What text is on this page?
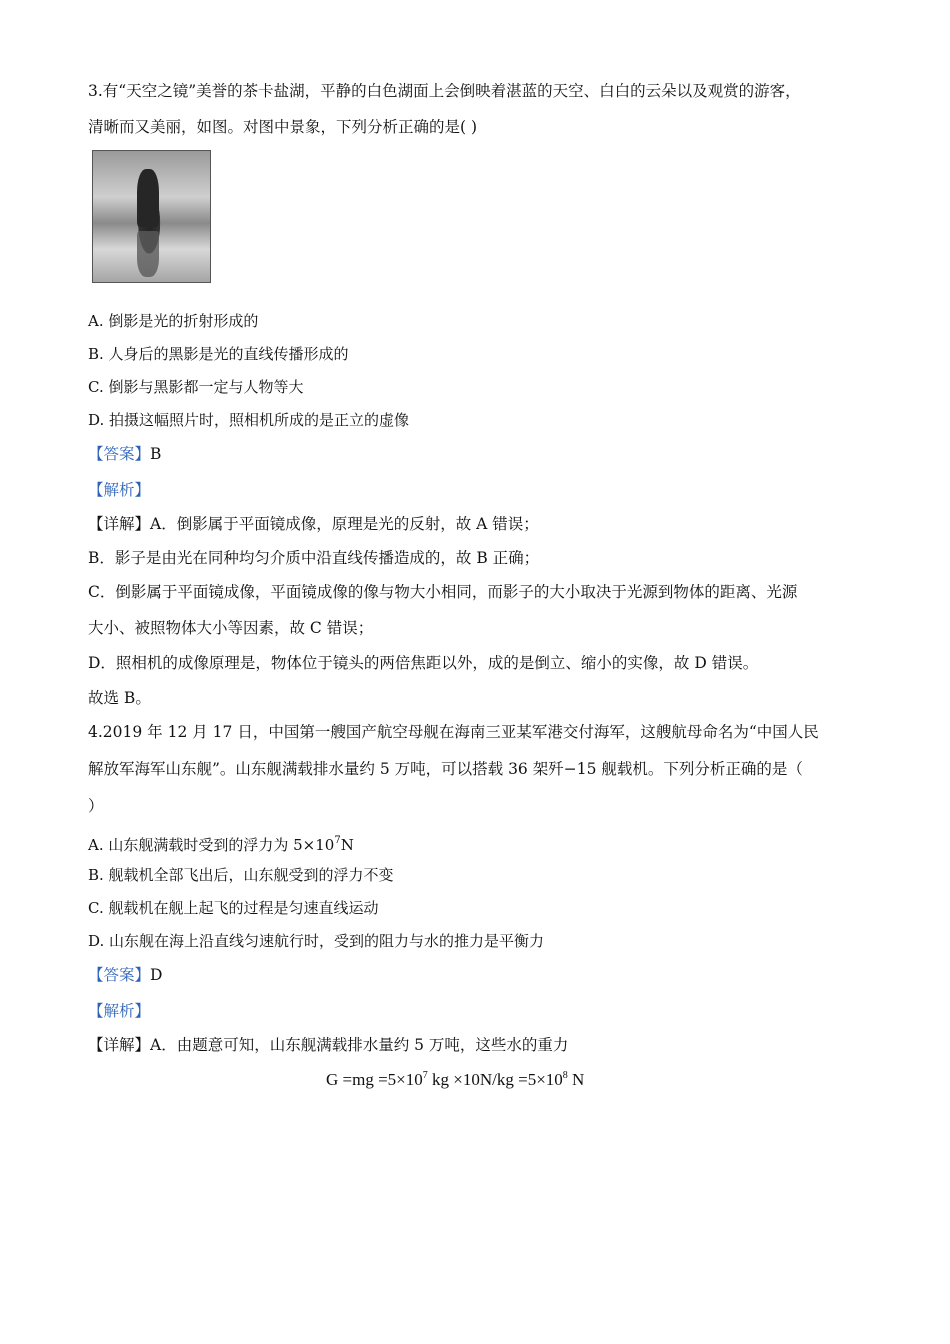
3.有“天空之镜”美誉的茶卡盐湖，平静的白色湖面上会倒映着湛蓝的天空、白白的云朵以及观赏的游客，
清晰而又美丽，如图。对图中景象，下列分析正确的是( )
A. 倒影是光的折射形成的
B. 人身后的黑影是光的直线传播形成的
C. 倒影与黑影都一定与人物等大
D. 拍摄这幅照片时，照相机所成的是正立的虚像
【答案】B
【解析】
【详解】A．倒影属于平面镜成像，原理是光的反射，故 A 错误；
B．影子是由光在同种均匀介质中沿直线传播造成的，故 B 正确；
C．倒影属于平面镜成像，平面镜成像的像与物大小相同，而影子的大小取决于光源到物体的距离、光源
大小、被照物体大小等因素，故 C 错误；
D．照相机的成像原理是，物体位于镜头的两倍焦距以外，成的是倒立、缩小的实像，故 D 错误。
故选 B。
4.2019 年 12 月 17 日，中国第一艘国产航空母舰在海南三亚某军港交付海军，这艘航母命名为“中国人民
解放军海军山东舰”。山东舰满载排水量约 5 万吨，可以搭载 36 架歼−15 舰载机。下列分析正确的是（
）
A. 山东舰满载时受到的浮力为 $5\times 10^7N$
B. 舰载机全部飞出后，山东舰受到的浮力不变
C. 舰载机在舰上起飞的过程是匀速直线运动
D. 山东舰在海上沿直线匀速航行时，受到的阻力与水的推力是平衡力
【答案】D
【解析】
【详解】A．由题意可知，山东舰满载排水量约 5 万吨，这些水的重力
$G =mg =5\times 10^7$ kg $\times 10N/kg =5\times 10^8$ N
